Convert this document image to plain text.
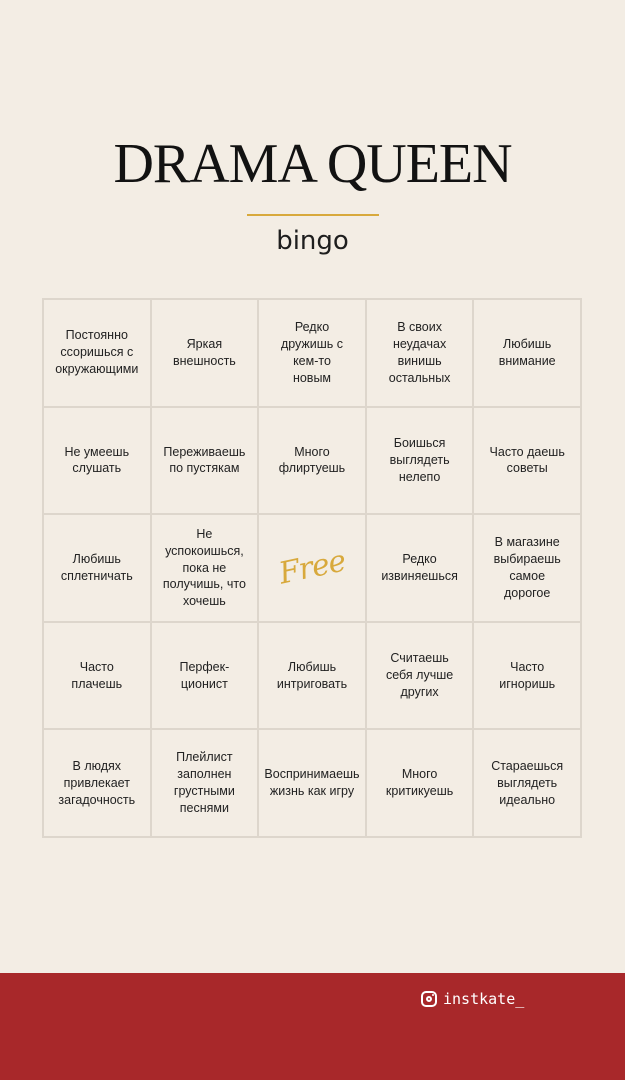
DRAMA QUEEN
bingo
Постоянно
ссоришься с
окружающими
Яркая
внешность
Редко
дружишь с
кем-то
новым
В своих
неудачах
винишь
остальных
Любишь
внимание
Не умеешь
слушать
Переживаешь
по пустякам
Много
флиртуешь
Боишься
выглядеть
нелепо
Часто даешь
советы
Любишь
сплетничать
Не
успокоишься,
пока не
получишь, что
хочешь
Free	Редко
извиняешься
В магазине
выбираешь
самое
дорогое
Часто
плачешь
Перфек-
ционист
Любишь
интриговать
Считаешь
себя лучше
других
Часто
игноришь
В людях
привлекает
загадочность
Плейлист
заполнен
грустными
песнями
Воспринимаешь
жизнь как игру
Много
критикуешь
Стараешься
выглядеть
идеально
instkate_
